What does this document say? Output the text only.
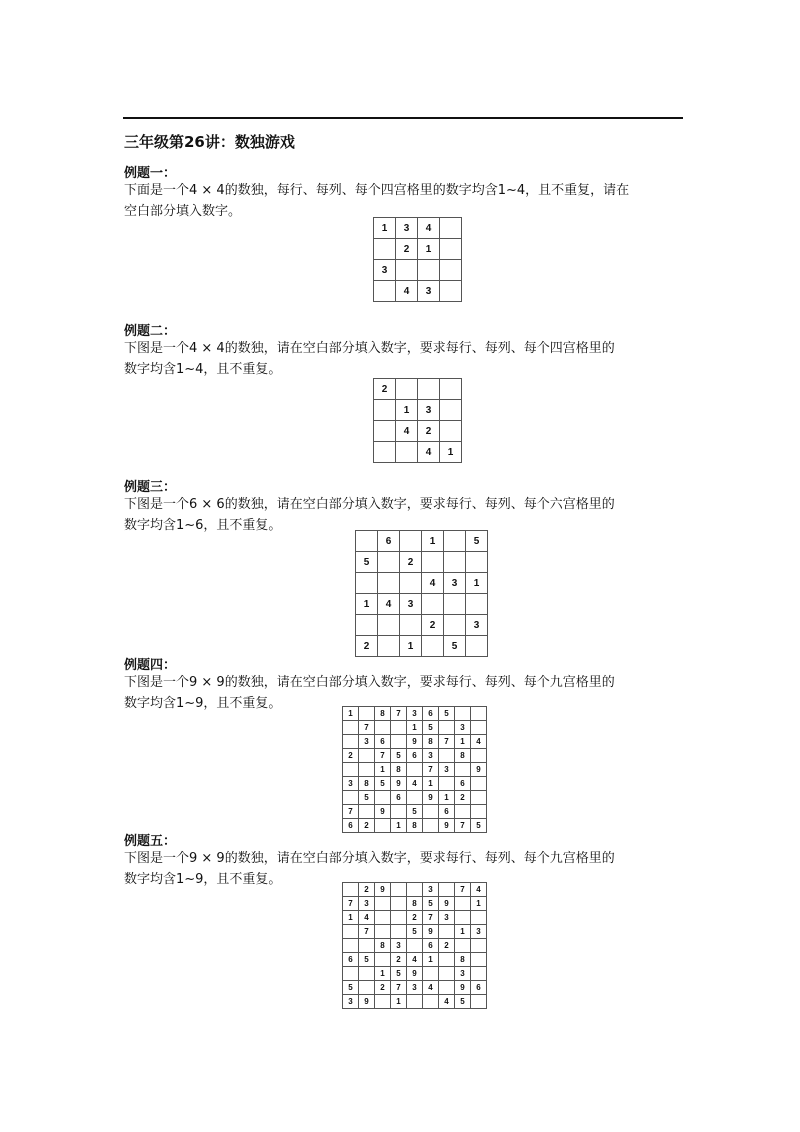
三年级第26讲：数独游戏
例题一：
下面是一个4 × 4的数独，每行、每列、每个四宫格里的数字均含1~4，且不重复，请在
空白部分填入数字。
1	3	4	
	2	1	
3			
	4	3	
例题二：
下图是一个4 × 4的数独，请在空白部分填入数字，要求每行、每列、每个四宫格里的
数字均含1~4，且不重复。
2			
	1	3	
	4	2	
		4	1
例题三：
下图是一个6 × 6的数独，请在空白部分填入数字，要求每行、每列、每个六宫格里的
数字均含1~6，且不重复。
	6		1		5
5		2			
			4	3	1
1	4	3			
			2		3
2		1		5	
例题四：
下图是一个9 × 9的数独，请在空白部分填入数字，要求每行、每列、每个九宫格里的
数字均含1~9，且不重复。
1		8	7	3	6	5		
	7			1	5		3	
	3	6		9	8	7	1	4
2		7	5	6	3		8	
		1	8		7	3		9
3	8	5	9	4	1		6	
	5		6		9	1	2	
7		9		5		6		
6	2		1	8		9	7	5
例题五：
下图是一个9 × 9的数独，请在空白部分填入数字，要求每行、每列、每个九宫格里的
数字均含1~9，且不重复。
	2	9			3		7	4
7	3			8	5	9		1
1	4			2	7	3		
	7			5	9		1	3
		8	3		6	2		
6	5		2	4	1		8	
		1	5	9			3	
5		2	7	3	4		9	6
3	9		1			4	5	
